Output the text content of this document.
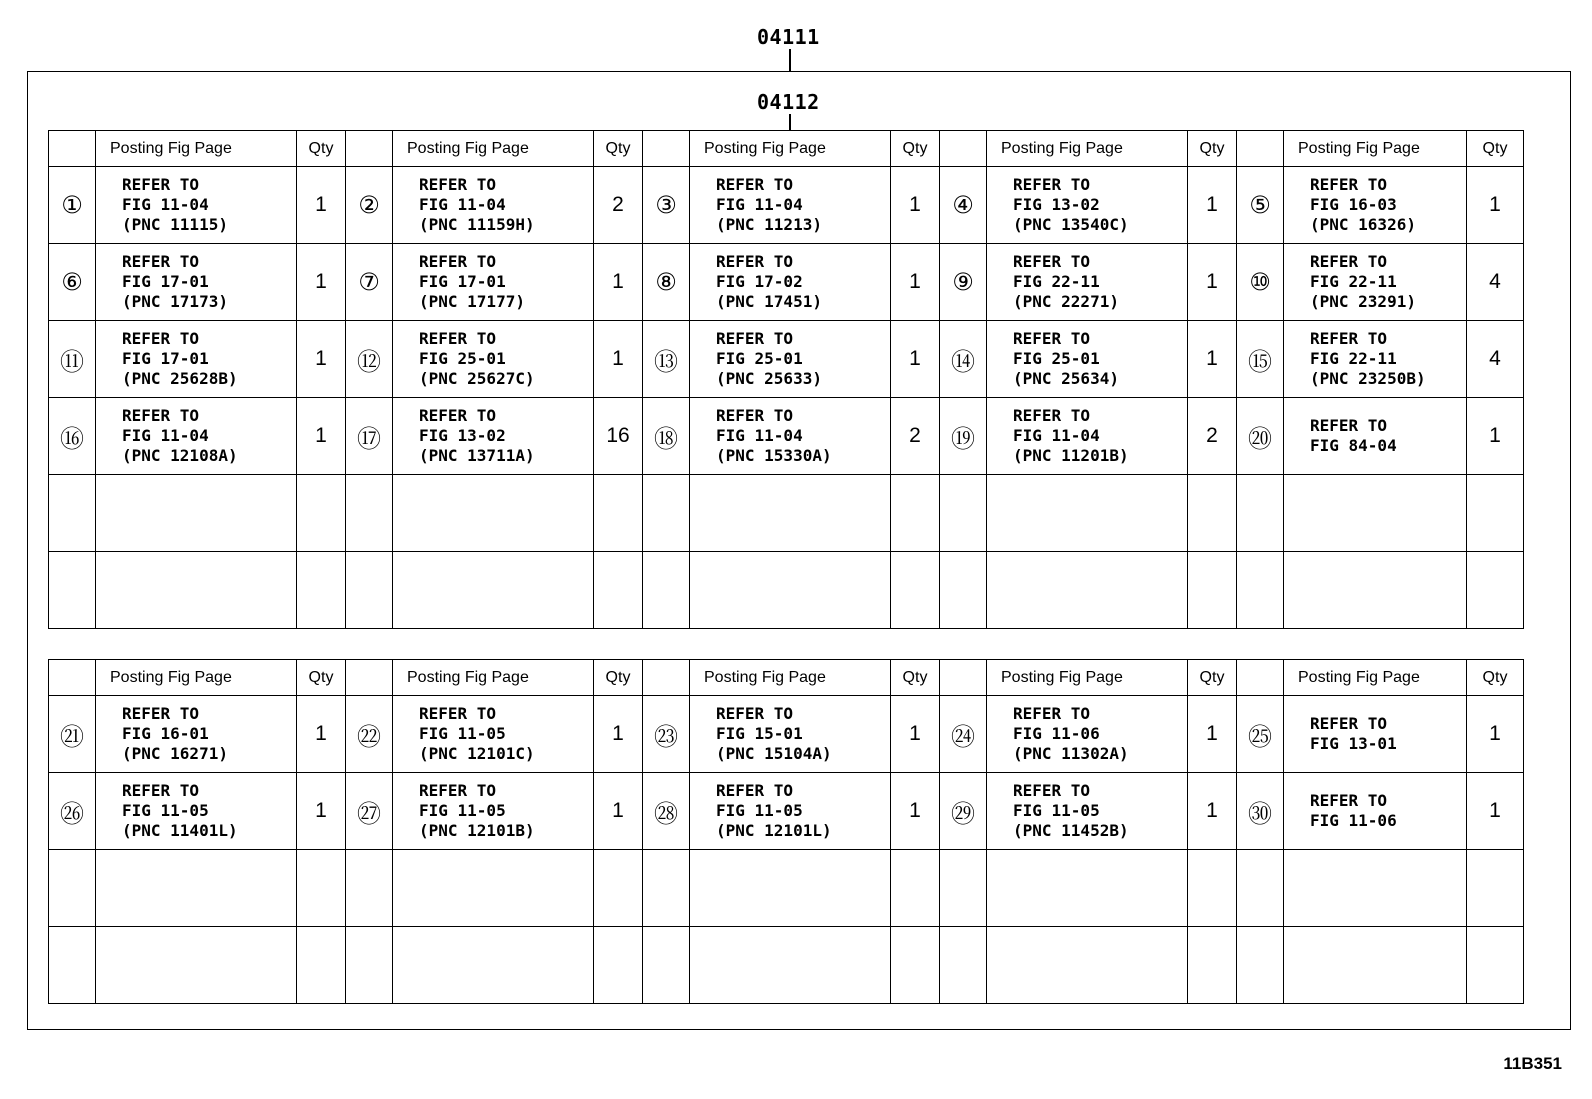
04111
04112
	Posting Fig Page	Qty		Posting Fig Page	Qty		Posting Fig Page	Qty		Posting Fig Page	Qty		Posting Fig Page	Qty
①	REFER TO
FIG 11-04
(PNC 11115)	1	②	REFER TO
FIG 11-04
(PNC 11159H)	2	③	REFER TO
FIG 11-04
(PNC 11213)	1	④	REFER TO
FIG 13-02
(PNC 13540C)	1	⑤	REFER TO
FIG 16-03
(PNC 16326)	1
⑥	REFER TO
FIG 17-01
(PNC 17173)	1	⑦	REFER TO
FIG 17-01
(PNC 17177)	1	⑧	REFER TO
FIG 17-02
(PNC 17451)	1	⑨	REFER TO
FIG 22-11
(PNC 22271)	1	⑩	REFER TO
FIG 22-11
(PNC 23291)	4
⑪	REFER TO
FIG 17-01
(PNC 25628B)	1	⑫	REFER TO
FIG 25-01
(PNC 25627C)	1	⑬	REFER TO
FIG 25-01
(PNC 25633)	1	⑭	REFER TO
FIG 25-01
(PNC 25634)	1	⑮	REFER TO
FIG 22-11
(PNC 23250B)	4
⑯	REFER TO
FIG 11-04
(PNC 12108A)	1	⑰	REFER TO
FIG 13-02
(PNC 13711A)	16	⑱	REFER TO
FIG 11-04
(PNC 15330A)	2	⑲	REFER TO
FIG 11-04
(PNC 11201B)	2	⑳	REFER TO
FIG 84-04	1

	Posting Fig Page	Qty		Posting Fig Page	Qty		Posting Fig Page	Qty		Posting Fig Page	Qty		Posting Fig Page	Qty
㉑	REFER TO
FIG 16-01
(PNC 16271)	1	㉒	REFER TO
FIG 11-05
(PNC 12101C)	1	㉓	REFER TO
FIG 15-01
(PNC 15104A)	1	㉔	REFER TO
FIG 11-06
(PNC 11302A)	1	㉕	REFER TO
FIG 13-01	1
㉖	REFER TO
FIG 11-05
(PNC 11401L)	1	㉗	REFER TO
FIG 11-05
(PNC 12101B)	1	㉘	REFER TO
FIG 11-05
(PNC 12101L)	1	㉙	REFER TO
FIG 11-05
(PNC 11452B)	1	㉚	REFER TO
FIG 11-06	1

11B351
